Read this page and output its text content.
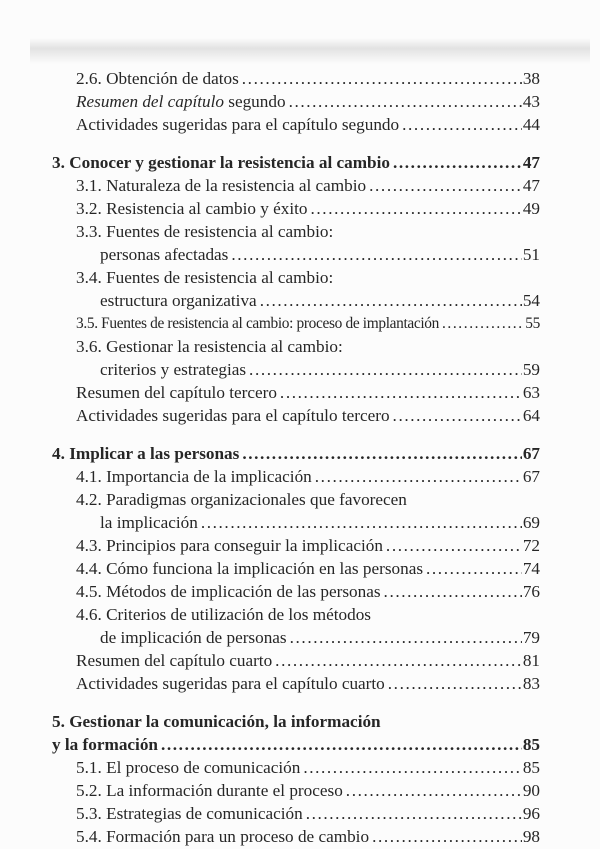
2.6. Obtención de datos .....	38
Resumen del capítulo segundo .....	43
Actividades sugeridas para el capítulo segundo .....	44
3. Conocer y gestionar la resistencia al cambio .....	47
3.1. Naturaleza de la resistencia al cambio .....	47
3.2. Resistencia al cambio y éxito .....	49
3.3. Fuentes de resistencia al cambio:
personas afectadas .....	51
3.4. Fuentes de resistencia al cambio:
estructura organizativa .....	54
3.5. Fuentes de resistencia al cambio: proceso de implantación .....	55
3.6. Gestionar la resistencia al cambio:
criterios y estrategias .....	59
Resumen del capítulo tercero .....	63
Actividades sugeridas para el capítulo tercero .....	64
4. Implicar a las personas .....	67
4.1. Importancia de la implicación .....	67
4.2. Paradigmas organizacionales que favorecen
la implicación .....	69
4.3. Principios para conseguir la implicación .....	72
4.4. Cómo funciona la implicación en las personas .....	74
4.5. Métodos de implicación de las personas .....	76
4.6. Criterios de utilización de los métodos
de implicación de personas .....	79
Resumen del capítulo cuarto .....	81
Actividades sugeridas para el capítulo cuarto .....	83
5. Gestionar la comunicación, la información
y la formación .....	85
5.1. El proceso de comunicación .....	85
5.2. La información durante el proceso .....	90
5.3. Estrategias de comunicación .....	96
5.4. Formación para un proceso de cambio .....	98
